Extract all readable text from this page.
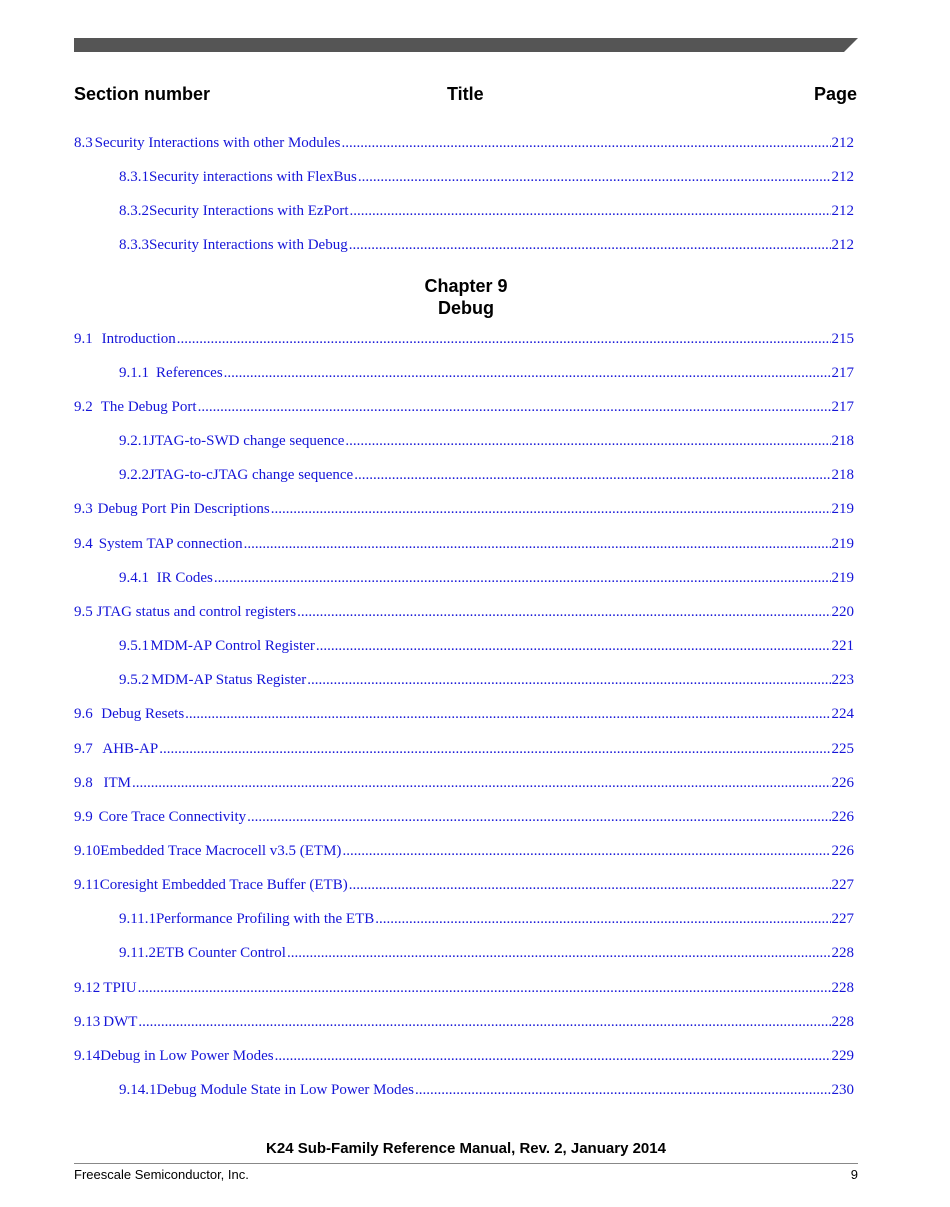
Section number	Title	Page
8.3 Security Interactions with other Modules .....	212
8.3.1 Security interactions with FlexBus .....	212
8.3.2 Security Interactions with EzPort .....	212
8.3.3 Security Interactions with Debug .....	212
9.1 Introduction .....	215
9.1.1 References .....	217
9.2 The Debug Port .....	217
9.2.1 JTAG-to-SWD change sequence .....	218
9.2.2 JTAG-to-cJTAG change sequence .....	218
9.3 Debug Port Pin Descriptions .....	219
9.4 System TAP connection .....	219
9.4.1 IR Codes .....	219
9.5 JTAG status and control registers .....	220
9.5.1 MDM-AP Control Register .....	221
9.5.2 MDM-AP Status Register .....	223
9.6 Debug Resets .....	224
9.7 AHB-AP .....	225
9.8 ITM .....	226
9.9 Core Trace Connectivity .....	226
9.10 Embedded Trace Macrocell v3.5 (ETM) .....	226
9.11 Coresight Embedded Trace Buffer (ETB) .....	227
9.11.1 Performance Profiling with the ETB .....	227
9.11.2 ETB Counter Control .....	228
9.12 TPIU .....	228
9.13 DWT .....	228
9.14 Debug in Low Power Modes .....	229
9.14.1 Debug Module State in Low Power Modes .....	230
Chapter 9
Debug
K24 Sub-Family Reference Manual, Rev. 2, January 2014
Freescale Semiconductor, Inc.	9
